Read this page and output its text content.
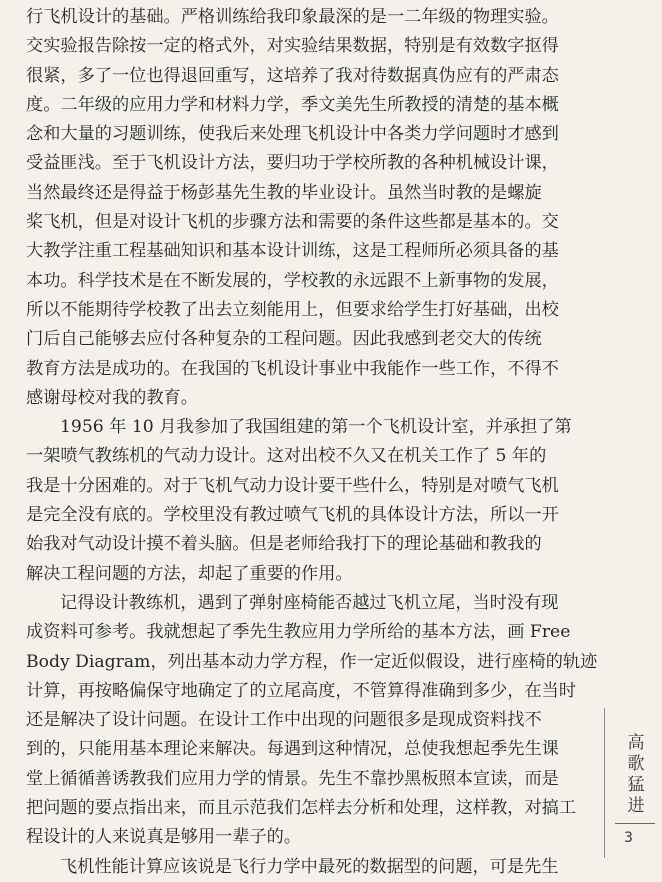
行飞机设计的基础。严格训练给我印象最深的是一二年级的物理实验。
交实验报告除按一定的格式外，对实验结果数据，特别是有效数字抠得
很紧，多了一位也得退回重写，这培养了我对待数据真伪应有的严肃态
度。二年级的应用力学和材料力学，季文美先生所教授的清楚的基本概
念和大量的习题训练，使我后来处理飞机设计中各类力学问题时才感到
受益匪浅。至于飞机设计方法，要归功于学校所教的各种机械设计课，
当然最终还是得益于杨彭基先生教的毕业设计。虽然当时教的是螺旋
桨飞机，但是对设计飞机的步骤方法和需要的条件这些都是基本的。交
大教学注重工程基础知识和基本设计训练，这是工程师所必须具备的基
本功。科学技术是在不断发展的，学校教的永远跟不上新事物的发展，
所以不能期待学校教了出去立刻能用上，但要求给学生打好基础，出校
门后自己能够去应付各种复杂的工程问题。因此我感到老交大的传统
教育方法是成功的。在我国的飞机设计事业中我能作一些工作，不得不
感谢母校对我的教育。
1956 年 10 月我参加了我国组建的第一个飞机设计室，并承担了第
一架喷气教练机的气动力设计。这对出校不久又在机关工作了 5 年的
我是十分困难的。对于飞机气动力设计要干些什么，特别是对喷气飞机
是完全没有底的。学校里没有教过喷气飞机的具体设计方法，所以一开
始我对气动设计摸不着头脑。但是老师给我打下的理论基础和教我的
解决工程问题的方法，却起了重要的作用。
记得设计教练机，遇到了弹射座椅能否越过飞机立尾，当时没有现
成资料可参考。我就想起了季先生教应用力学所给的基本方法，画 Free
Body Diagram，列出基本动力学方程，作一定近似假设，进行座椅的轨迹
计算，再按略偏保守地确定了的立尾高度，不管算得准确到多少，在当时
还是解决了设计问题。在设计工作中出现的问题很多是现成资料找不
到的，只能用基本理论来解决。每遇到这种情况，总使我想起季先生课
堂上循循善诱教我们应用力学的情景。先生不靠抄黑板照本宣读，而是
把问题的要点指出来，而且示范我们怎样去分析和处理，这样教，对搞工
程设计的人来说真是够用一辈子的。
飞机性能计算应该说是飞行力学中最死的数据型的问题，可是先生
高
歌
猛
进
3
